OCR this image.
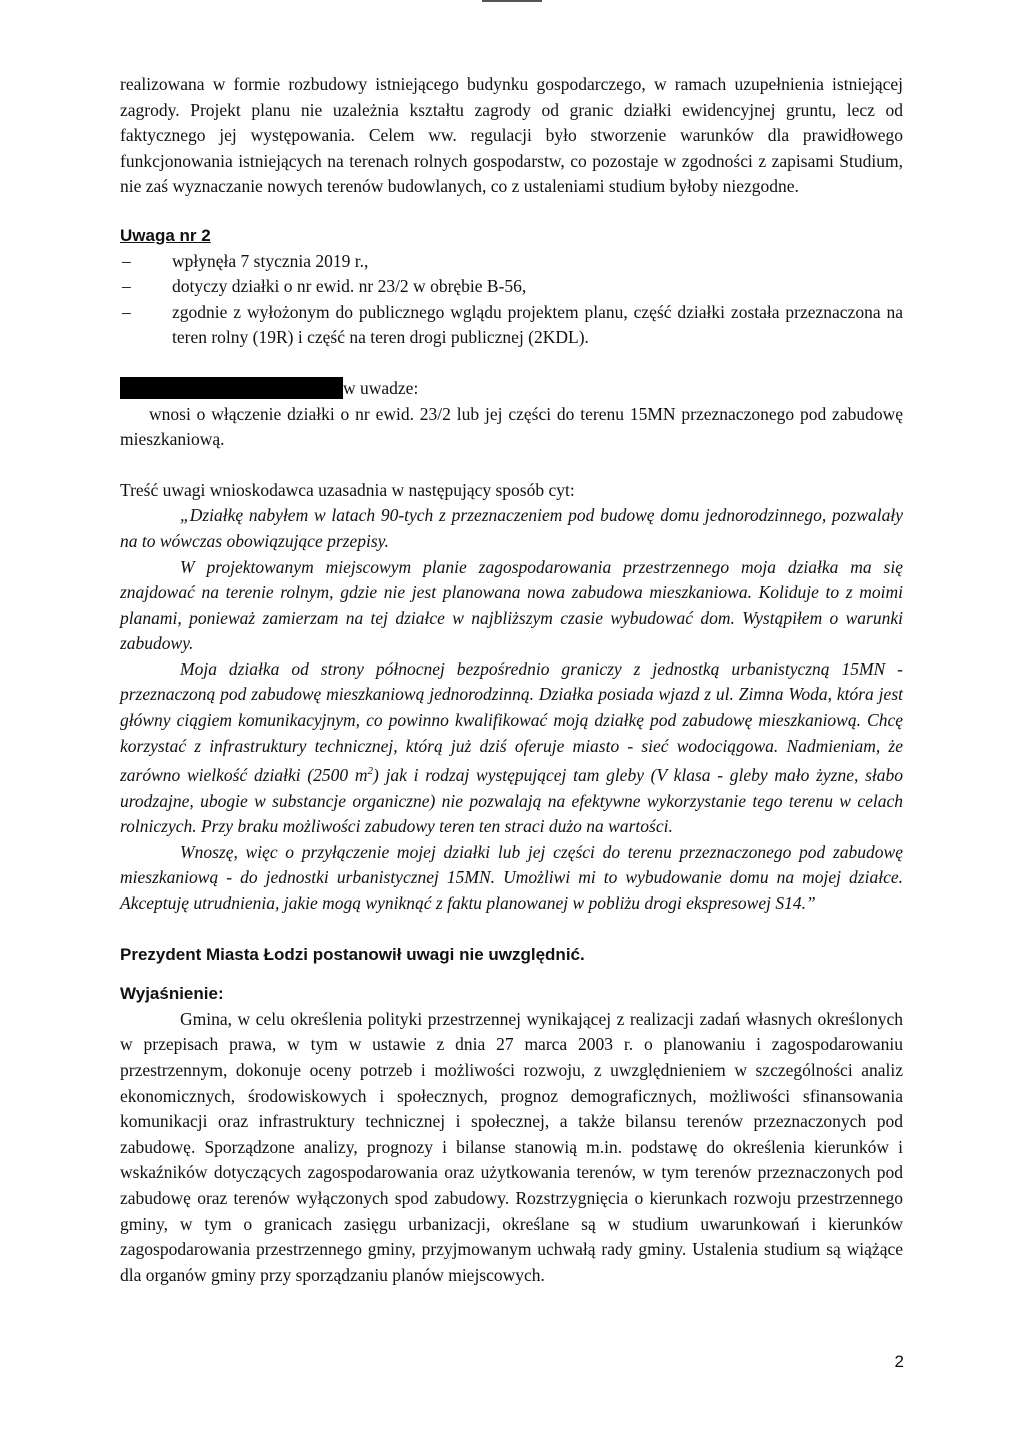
realizowana w formie rozbudowy istniejącego budynku gospodarczego, w ramach uzupełnienia istniejącej zagrody. Projekt planu nie uzależnia kształtu zagrody od granic działki ewidencyjnej gruntu, lecz od faktycznego jej występowania. Celem ww. regulacji było stworzenie warunków dla prawidłowego funkcjonowania istniejących na terenach rolnych gospodarstw, co pozostaje w zgodności z zapisami Studium, nie zaś wyznaczanie nowych terenów budowlanych, co z ustaleniami studium byłoby niezgodne.

Uwaga nr 2

– wpłynęła 7 stycznia 2019 r.,
– dotyczy działki o nr ewid. nr 23/2 w obrębie B-56,
– zgodnie z wyłożonym do publicznego wglądu projektem planu, część działki została przeznaczona na teren rolny (19R) i część na teren drogi publicznej (2KDL).

w uwadze:

wnosi o włączenie działki o nr ewid. 23/2 lub jej części do terenu 15MN przeznaczonego pod zabudowę mieszkaniową.

Treść uwagi wnioskodawca uzasadnia w następujący sposób cyt:

„Działkę nabyłem w latach 90-tych z przeznaczeniem pod budowę domu jednorodzinnego, pozwalały na to wówczas obowiązujące przepisy.

W projektowanym miejscowym planie zagospodarowania przestrzennego moja działka ma się znajdować na terenie rolnym, gdzie nie jest planowana nowa zabudowa mieszkaniowa. Koliduje to z moimi planami, ponieważ zamierzam na tej działce w najbliższym czasie wybudować dom. Wystąpiłem o warunki zabudowy.

Moja działka od strony północnej bezpośrednio graniczy z jednostką urbanistyczną 15MN - przeznaczoną pod zabudowę mieszkaniową jednorodzinną. Działka posiada wjazd z ul. Zimna Woda, która jest główny ciągiem komunikacyjnym, co powinno kwalifikować moją działkę pod zabudowę mieszkaniową. Chcę korzystać z infrastruktury technicznej, którą już dziś oferuje miasto - sieć wodociągowa. Nadmieniam, że zarówno wielkość działki (2500 $m^2$) jak i rodzaj występującej tam gleby (V klasa - gleby mało żyzne, słabo urodzajne, ubogie w substancje organiczne) nie pozwalają na efektywne wykorzystanie tego terenu w celach rolniczych. Przy braku możliwości zabudowy teren ten straci dużo na wartości.

Wnoszę, więc o przyłączenie mojej działki lub jej części do terenu przeznaczonego pod zabudowę mieszkaniową - do jednostki urbanistycznej 15MN. Umożliwi mi to wybudowanie domu na mojej działce. Akceptuję utrudnienia, jakie mogą wyniknąć z faktu planowanej w pobliżu drogi ekspresowej S14.”

Prezydent Miasta Łodzi postanowił uwagi nie uwzględnić.

Wyjaśnienie:

Gmina, w celu określenia polityki przestrzennej wynikającej z realizacji zadań własnych określonych w przepisach prawa, w tym w ustawie z dnia 27 marca 2003 r. o planowaniu i zagospodarowaniu przestrzennym, dokonuje oceny potrzeb i możliwości rozwoju, z uwzględnieniem w szczególności analiz ekonomicznych, środowiskowych i społecznych, prognoz demograficznych, możliwości sfinansowania komunikacji oraz infrastruktury technicznej i społecznej, a także bilansu terenów przeznaczonych pod zabudowę. Sporządzone analizy, prognozy i bilanse stanowią m.in. podstawę do określenia kierunków i wskaźników dotyczących zagospodarowania oraz użytkowania terenów, w tym terenów przeznaczonych pod zabudowę oraz terenów wyłączonych spod zabudowy. Rozstrzygnięcia o kierunkach rozwoju przestrzennego gminy, w tym o granicach zasięgu urbanizacji, określane są w studium uwarunkowań i kierunków zagospodarowania przestrzennego gminy, przyjmowanym uchwałą rady gminy. Ustalenia studium są wiążące dla organów gminy przy sporządzaniu planów miejscowych.

2
